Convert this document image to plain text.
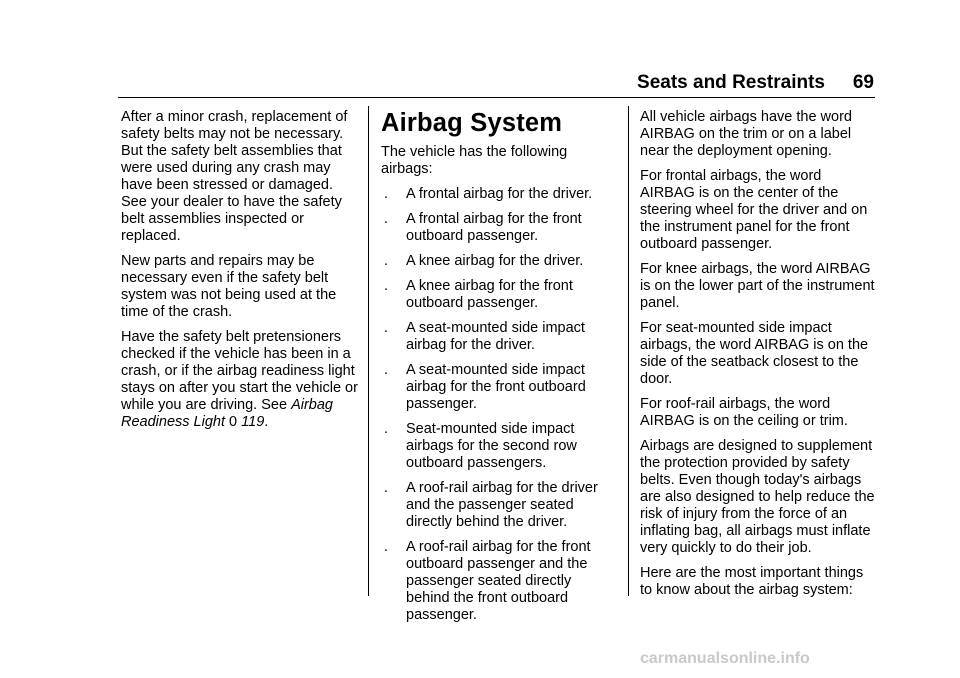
Seats and Restraints 69

After a minor crash, replacement of safety belts may not be necessary. But the safety belt assemblies that were used during any crash may have been stressed or damaged. See your dealer to have the safety belt assemblies inspected or replaced.

New parts and repairs may be necessary even if the safety belt system was not being used at the time of the crash.

Have the safety belt pretensioners checked if the vehicle has been in a crash, or if the airbag readiness light stays on after you start the vehicle or while you are driving. See Airbag Readiness Light 0 119.

Airbag System

The vehicle has the following airbags:

.	A frontal airbag for the driver.
.	A frontal airbag for the front outboard passenger.
.	A knee airbag for the driver.
.	A knee airbag for the front outboard passenger.
.	A seat-mounted side impact airbag for the driver.
.	A seat-mounted side impact airbag for the front outboard passenger.
.	Seat-mounted side impact airbags for the second row outboard passengers.
.	A roof-rail airbag for the driver and the passenger seated directly behind the driver.
.	A roof-rail airbag for the front outboard passenger and the passenger seated directly behind the front outboard passenger.

All vehicle airbags have the word AIRBAG on the trim or on a label near the deployment opening.

For frontal airbags, the word AIRBAG is on the center of the steering wheel for the driver and on the instrument panel for the front outboard passenger.

For knee airbags, the word AIRBAG is on the lower part of the instrument panel.

For seat-mounted side impact airbags, the word AIRBAG is on the side of the seatback closest to the door.

For roof-rail airbags, the word AIRBAG is on the ceiling or trim.

Airbags are designed to supplement the protection provided by safety belts. Even though today's airbags are also designed to help reduce the risk of injury from the force of an inflating bag, all airbags must inflate very quickly to do their job.

Here are the most important things to know about the airbag system:

carmanualsonline.info
